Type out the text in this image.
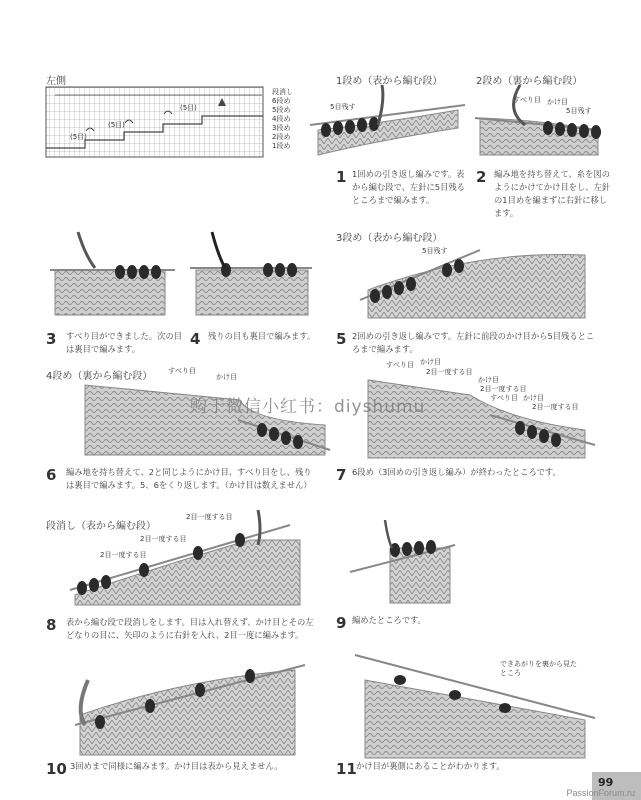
左側	1段め（表から編む段）	2段め（裏から編む段）
3段め（表から編む段）
4段め（裏から編む段）
段消し（表から編む段）
段消し
6段め
5段め
4段め
3段め
2段め
1段め
(5目)
(5目)
(5目)	5目残す
すべり目 かけ目
5目残す
5目残す
すべり目
かけ目
すべり目 かけ目
2目一度する目
かけ目
2目一度する目
すべり目 かけ目
2目一度する目
2目一度する目
2目一度する目
2目一度する目
できあがりを裏から見たところ
1 1回めの引き返し編みです。表から編む段で、左針に5目残るところまで編みます。
2 編み地を持ち替えて、糸を図のようにかけてかけ目をし、左針の1目めを編まずに右針に移します。
3 すべり目ができました。次の目は裏目で編みます。
4 残りの目も裏目で編みます。	5 2回めの引き返し編みです。左針に前段のかけ目から5目残るところまで編みます。
6 編み地を持ち替えて、2と同じようにかけ目、すべり目をし、残りは裏目で編みます。5、6をくり返します。（かけ目は数えません）
7 6段め（3回めの引き返し編み）が終わったところです。
8 表から編む段で段消しをします。目は入れ替えず、かけ目とその左どなりの目に、矢印のように右針を入れ、2目一度に編みます。
9 編めたところです。
10 3回めまで同様に編みます。かけ目は表から見えません。	11 かけ目が裏側にあることがわかります。
购于微信小红书：diyshumu
99
PassionForum.ru
